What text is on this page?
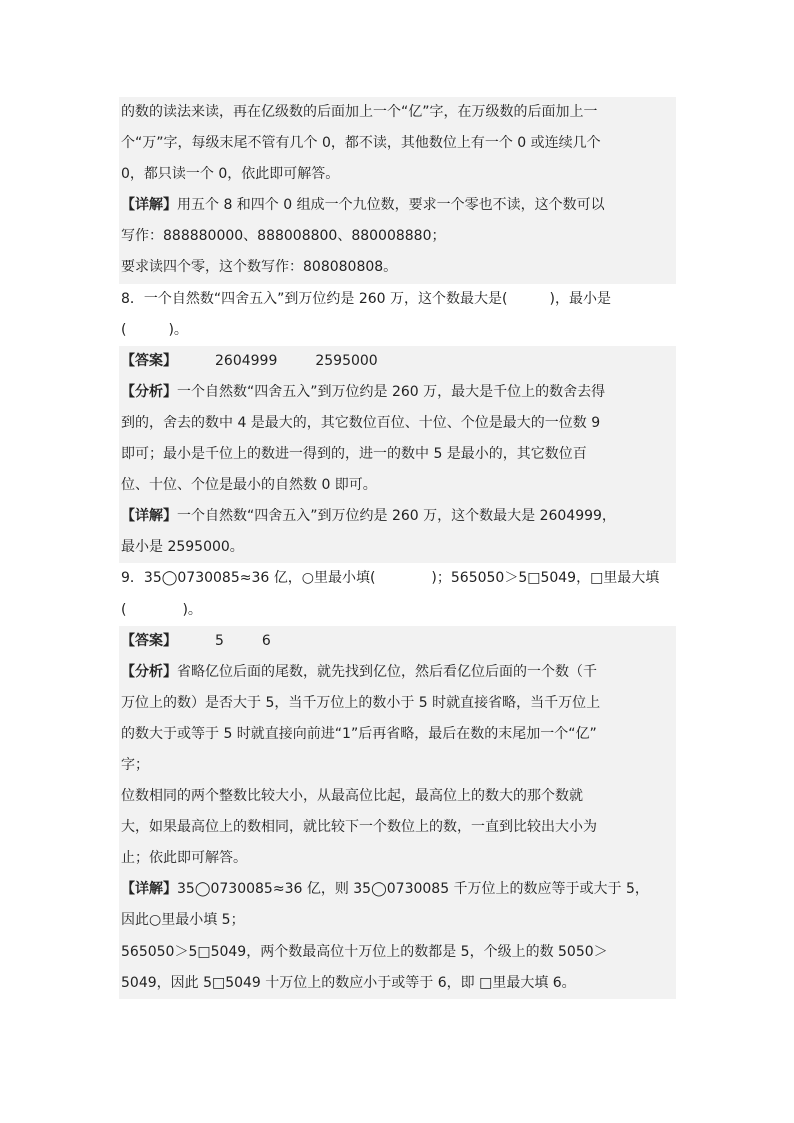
的数的读法来读，再在亿级数的后面加上一个“亿”字，在万级数的后面加上一
个“万”字，每级末尾不管有几个 0，都不读，其他数位上有一个 0 或连续几个
0，都只读一个 0，依此即可解答。
【详解】用五个 8 和四个 0 组成一个九位数，要求一个零也不读，这个数可以
写作：888880000、888008800、880008880；
要求读四个零，这个数写作：808080808。
8．一个自然数“四舍五入”到万位约是 260 万，这个数最大是(　　　)，最小是
(　　　)。
【答案】	2604999	2595000
【分析】一个自然数“四舍五入”到万位约是 260 万，最大是千位上的数舍去得
到的，舍去的数中 4 是最大的，其它数位百位、十位、个位是最大的一位数 9
即可；最小是千位上的数进一得到的，进一的数中 5 是最小的，其它数位百
位、十位、个位是最小的自然数 0 即可。
【详解】一个自然数“四舍五入”到万位约是 260 万，这个数最大是 2604999，
最小是 2595000。
9．35◯0730085≈36 亿，○里最小填(　　　　)；565050＞5□5049，□里最大填
(　　　　)。
【答案】	5	6
【分析】省略亿位后面的尾数，就先找到亿位，然后看亿位后面的一个数（千
万位上的数）是否大于 5，当千万位上的数小于 5 时就直接省略，当千万位上
的数大于或等于 5 时就直接向前进“1”后再省略，最后在数的末尾加一个“亿”
字；
位数相同的两个整数比较大小，从最高位比起，最高位上的数大的那个数就
大，如果最高位上的数相同，就比较下一个数位上的数，一直到比较出大小为
止；依此即可解答。
【详解】35◯0730085≈36 亿，则 35◯0730085 千万位上的数应等于或大于 5，
因此○里最小填 5；
565050＞5□5049，两个数最高位十万位上的数都是 5，个级上的数 5050＞
5049，因此 5□5049 十万位上的数应小于或等于 6，即 □里最大填 6。
